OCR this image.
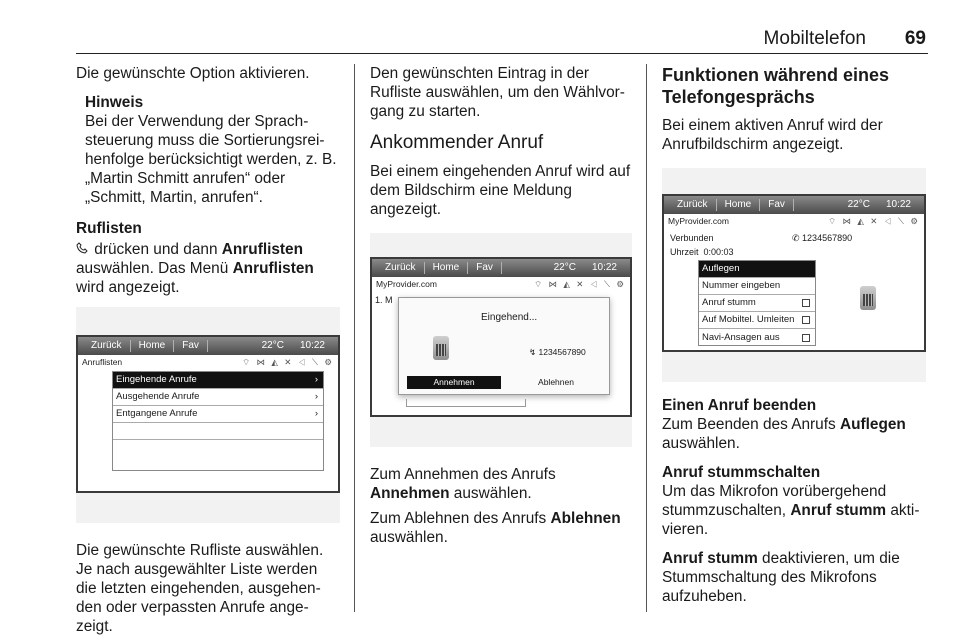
Mobiltelefon 69

Die gewünschte Option aktivieren.

Hinweis
Bei der Verwendung der Sprachsteuerung muss die Sortierungsreihenfolge berücksichtigt werden, z. B. „Martin Schmitt anrufen“ oder „Schmitt, Martin, anrufen“.
Ruflisten

drücken und dann Anruflisten
auswählen. Das Menü Anruflisten
wird angezeigt.

Zurück	Home	Fav	22°C	10:22
Anruflisten	⌔ ⋈ ◭ ✕ ◁ ⟍ ⚙
Eingehende Anrufe	›
Ausgehende Anrufe	›
Entgangene Anrufe	›

Die gewünschte Rufliste auswählen. Je nach ausgewählter Liste werden die letzten eingehenden, ausgehenden oder verpassten Anrufe angezeigt.

Den gewünschten Eintrag in der Rufliste auswählen, um den Wählvorgang zu starten.

Ankommender Anruf

Bei einem eingehenden Anruf wird auf dem Bildschirm eine Meldung angezeigt.

Zurück	Home	Fav	22°C	10:22
MyProvider.com	⌔ ⋈ ◭ ✕ ◁ ⟍ ⚙
1. M
Eingehend...
↯ 1234567890
Annehmen	Ablehnen

Zum Annehmen des Anrufs
Annehmen auswählen.

Zum Ablehnen des Anrufs Ablehnen
auswählen.

Funktionen während eines Telefongesprächs

Bei einem aktiven Anruf wird der Anrufbildschirm angezeigt.

Zurück	Home	Fav	22°C	10:22
MyProvider.com	⌔ ⋈ ◭ ✕ ◁ ⟍ ⚙
Verbunden
Uhrzeit 0:00:03
✆ 1234567890
Auflegen
Nummer eingeben
Anruf stumm
Auf Mobiltel. Umleiten
Navi-Ansagen aus
Einen Anruf beenden

Zum Beenden des Anrufs Auflegen
auswählen.

Anruf stummschalten

Um das Mikrofon vorübergehend stummzuschalten, Anruf stumm aktivieren.

Anruf stumm deaktivieren, um die Stummschaltung des Mikrofons aufzuheben.
